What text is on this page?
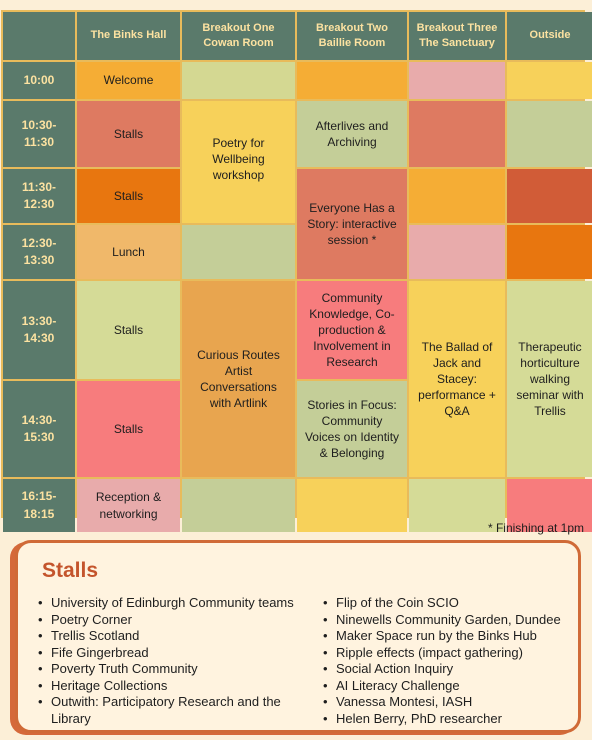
The Binks Hall
Breakout One
Cowan Room
Breakout Two
Baillie Room
Breakout Three
The Sanctuary
Outside
10:00
10:30-
11:30
11:30-
12:30
12:30-
13:30
13:30-
14:30
14:30-
15:30
16:15-
18:15
Welcome
Stalls
Stalls
Lunch
Stalls
Stalls
Reception &
networking
Poetry for
Wellbeing
workshop
Curious Routes
Artist
Conversations
with Artlink
Afterlives and
Archiving
Everyone Has a
Story: interactive
session *
Community
Knowledge, Co-
production &
Involvement in
Research
Stories in Focus:
Community
Voices on Identity
& Belonging
The Ballad of
Jack and
Stacey:
performance +
Q&A
Therapeutic
horticulture
walking
seminar with
Trellis
* Finishing at 1pm
Stalls
• University of Edinburgh Community teams
• Poetry Corner
• Trellis Scotland
• Fife Gingerbread
• Poverty Truth Community
• Heritage Collections
• Outwith: Participatory Research and the Library
• Flip of the Coin SCIO
• Ninewells Community Garden, Dundee
• Maker Space run by the Binks Hub
• Ripple effects (impact gathering)
• Social Action Inquiry
• AI Literacy Challenge
• Vanessa Montesi, IASH
• Helen Berry, PhD researcher
